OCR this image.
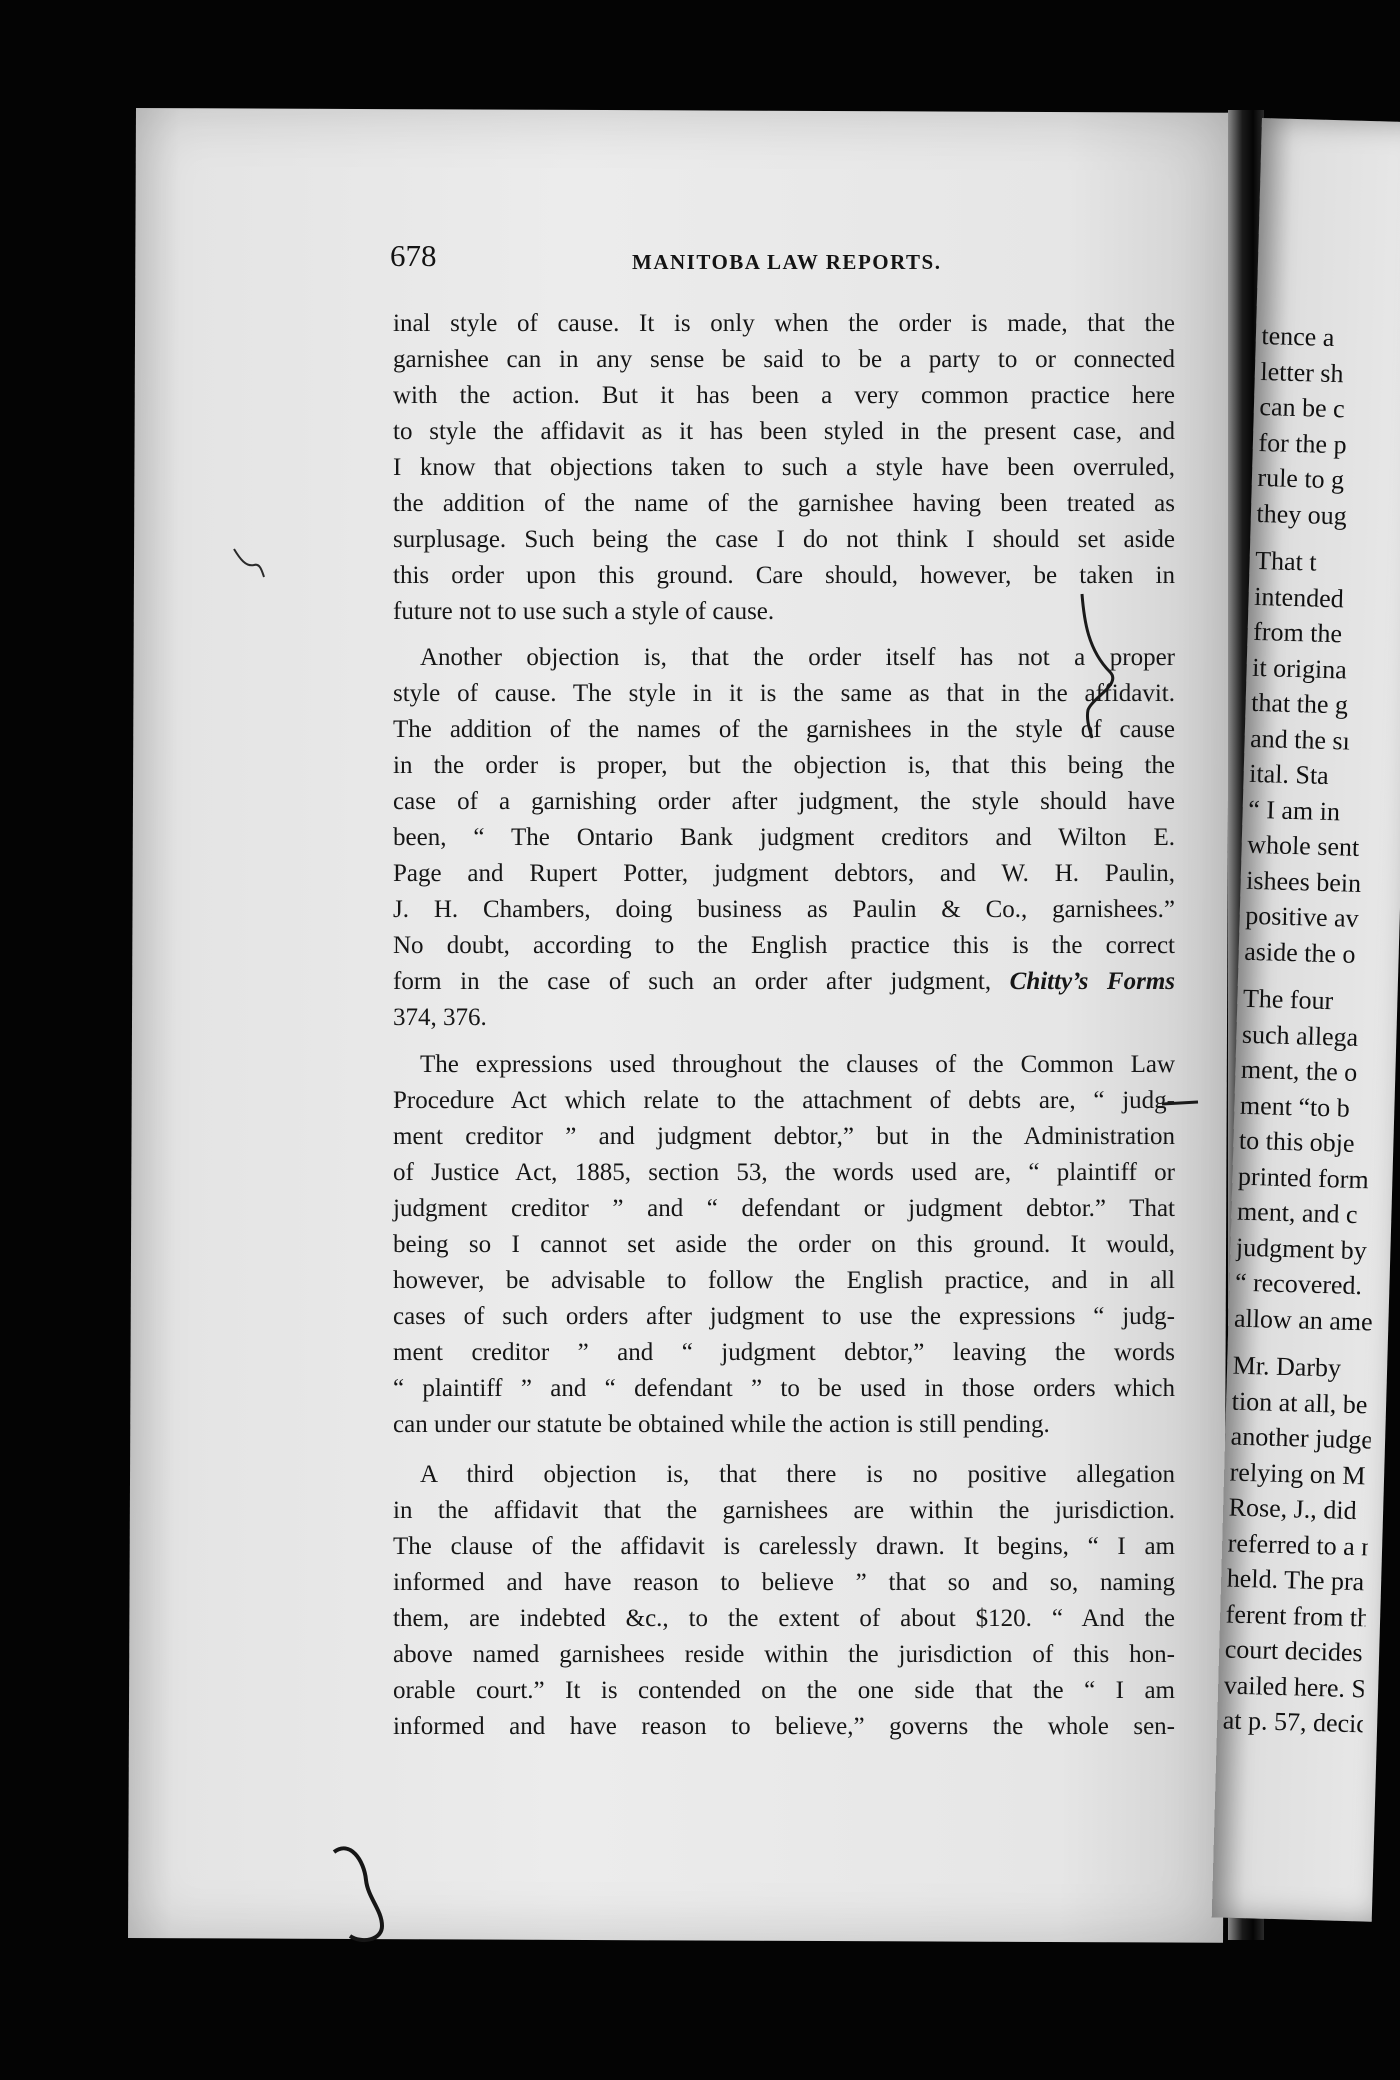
678	MANITOBA LAW REPORTS.
inal style of cause. It is only when the order is made, that the
garnishee can in any sense be said to be a party to or connected
with the action. But it has been a very common practice here
to style the affidavit as it has been styled in the present case, and
I know that objections taken to such a style have been overruled,
the addition of the name of the garnishee having been treated as
surplusage. Such being the case I do not think I should set aside
this order upon this ground. Care should, however, be taken in
future not to use such a style of cause.
Another objection is, that the order itself has not a proper
style of cause. The style in it is the same as that in the affidavit.
The addition of the names of the garnishees in the style of cause
in the order is proper, but the objection is, that this being the
case of a garnishing order after judgment, the style should have
been, “ The Ontario Bank judgment creditors and Wilton E.
Page and Rupert Potter, judgment debtors, and W. H. Paulin,
J. H. Chambers, doing business as Paulin & Co., garnishees.”
No doubt, according to the English practice this is the correct
form in the case of such an order after judgment, Chitty’s Forms
374, 376.
The expressions used throughout the clauses of the Common Law
Procedure Act which relate to the attachment of debts are, “ judg-
ment creditor ” and judgment debtor,” but in the Administration
of Justice Act, 1885, section 53, the words used are, “ plaintiff or
judgment creditor ” and “ defendant or judgment debtor.” That
being so I cannot set aside the order on this ground. It would,
however, be advisable to follow the English practice, and in all
cases of such orders after judgment to use the expressions “ judg-
ment creditor ” and “ judgment debtor,” leaving the words
“ plaintiff ” and “ defendant ” to be used in those orders which
can under our statute be obtained while the action is still pending.
A third objection is, that there is no positive allegation
in the affidavit that the garnishees are within the jurisdiction.
The clause of the affidavit is carelessly drawn. It begins, “ I am
informed and have reason to believe ” that so and so, naming
them, are indebted &c., to the extent of about $120. “ And the
above named garnishees reside within the jurisdiction of this hon-
orable court.” It is contended on the one side that the “ I am
informed and have reason to believe,” governs the whole sen-
tence a
letter sh
can be c
for the p
rule to g
they oug
That t
intended
from the
it origina
that the g
and the sı
ital. Sta
“ I am in
whole sent
ishees bein
positive av
aside the o
The four
such allega
ment, the o
ment “to b
to this obje
printed form
ment, and c
judgment by
“ recovered.
allow an ame
Mr. Darby
tion at all, be
another judge
relying on M
Rose, J., did
referred to a n
held. The pra
ferent from th
court decides o
vailed here. Se
at p. 57, decid
